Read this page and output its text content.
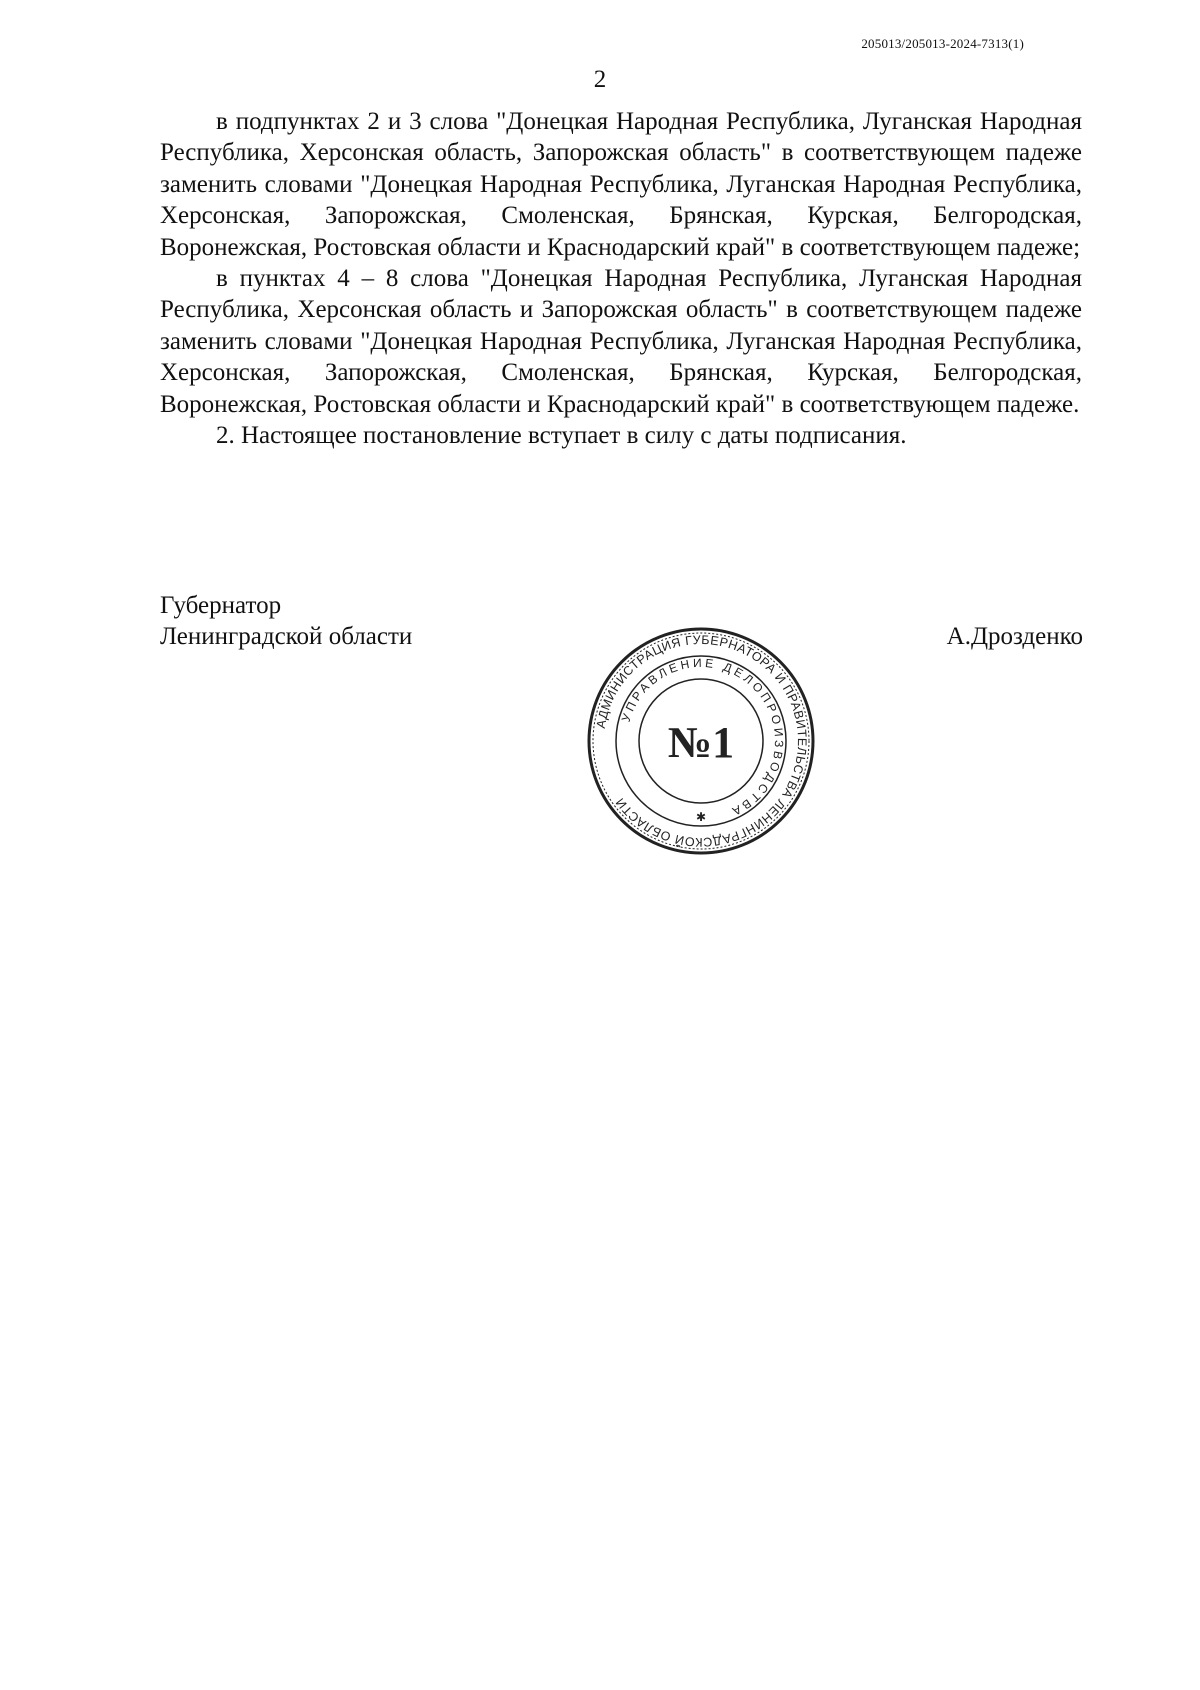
205013/205013-2024-7313(1)
2

в подпунктах 2 и 3 слова "Донецкая Народная Республика, Луганская Народная Республика, Херсонская область, Запорожская область" в соответствующем падеже заменить словами "Донецкая Народная Республика, Луганская Народная Республика, Херсонская, Запорожская, Смоленская, Брянская, Курская, Белгородская, Воронежская, Ростовская области и Краснодарский край" в соответствующем падеже;

в пунктах 4 – 8 слова "Донецкая Народная Республика, Луганская Народная Республика, Херсонская область и Запорожская область" в соответствующем падеже заменить словами "Донецкая Народная Республика, Луганская Народная Республика, Херсонская, Запорожская, Смоленская, Брянская, Курская, Белгородская, Воронежская, Ростовская области и Краснодарский край" в соответствующем падеже.

2. Настоящее постановление вступает в силу с даты подписания.

Губернатор
Ленинградской области	А.Дрозденко
АДМИНИСТРАЦИЯ ГУБЕРНАТОРА И ПРАВИТЕЛЬСТВА ЛЕНИНГРАДСКОЙ ОБЛАСТИ
УПРАВЛЕНИЕ ДЕЛОПРОИЗВОДСТВА
№1
✱
